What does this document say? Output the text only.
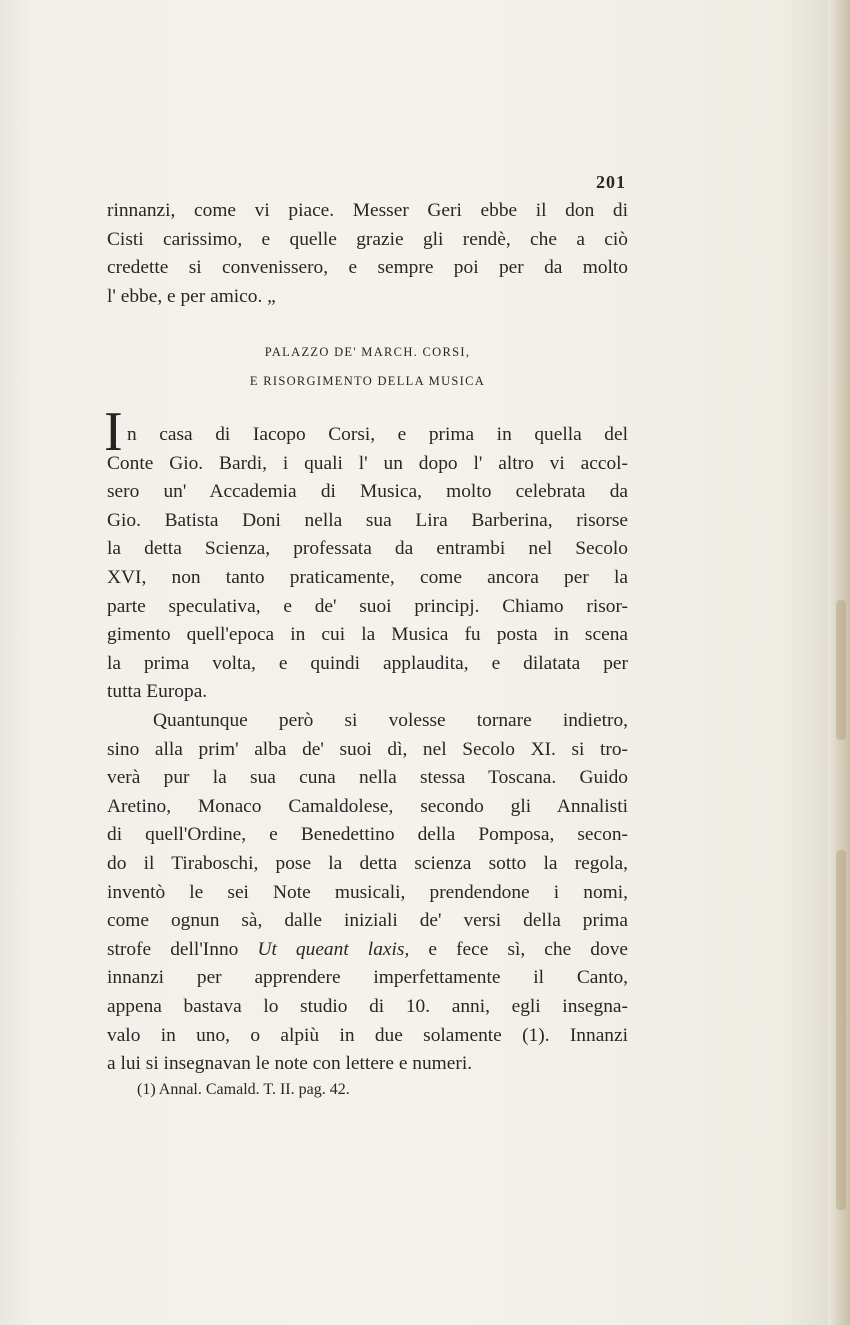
201
rinnanzi, come vi piace. Messer Geri ebbe il don di
Cisti carissimo, e quelle grazie gli rendè, che a ciò
credette si convenissero, e sempre poi per da molto
l' ebbe, e per amico. „
PALAZZO DE' MARCH. CORSI,
E RISORGIMENTO DELLA MUSICA
I n casa di Iacopo Corsi, e prima in quella del
Conte Gio. Bardi, i quali l' un dopo l' altro vi accol-
sero un' Accademia di Musica, molto celebrata da
Gio. Batista Doni nella sua Lira Barberina, risorse
la detta Scienza, professata da entrambi nel Secolo
XVI, non tanto praticamente, come ancora per la
parte speculativa, e de' suoi principj. Chiamo risor-
gimento quell'epoca in cui la Musica fu posta in scena
la prima volta, e quindi applaudita, e dilatata per
tutta Europa.
Quantunque però si volesse tornare indietro,
sino alla prim' alba de' suoi dì, nel Secolo XI. si tro-
verà pur la sua cuna nella stessa Toscana. Guido
Aretino, Monaco Camaldolese, secondo gli Annalisti
di quell'Ordine, e Benedettino della Pomposa, secon-
do il Tiraboschi, pose la detta scienza sotto la regola,
inventò le sei Note musicali, prendendone i nomi,
come ognun sà, dalle iniziali de' versi della prima
strofe dell'Inno Ut queant laxis, e fece sì, che dove
innanzi per apprendere imperfettamente il Canto,
appena bastava lo studio di 10. anni, egli insegna-
valo in uno, o alpiù in due solamente (1). Innanzi
a lui si insegnavan le note con lettere e numeri.
(1) Annal. Camald. T. II. pag. 42.
